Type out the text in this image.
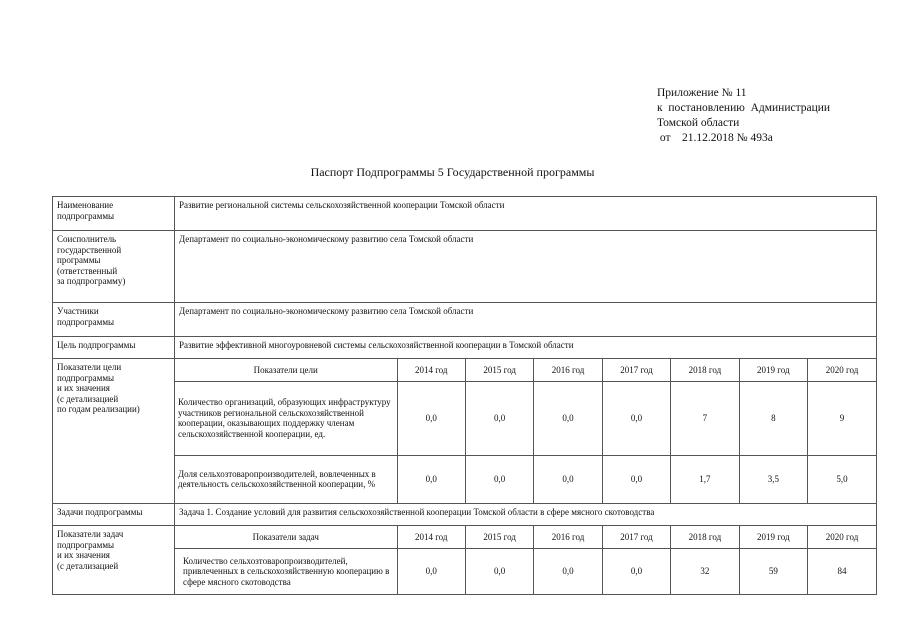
Приложение № 11
к  постановлению  Администрации
Томской области
от    21.12.2018 № 493а
Паспорт Подпрограммы 5 Государственной программы
Наименование
подпрограммы	Развитие региональной системы сельскохозяйственной кооперации Томской области
Соисполнитель
государственной
программы
(ответственный
за подпрограмму)	Департамент по социально-экономическому развитию села Томской области
Участники
подпрограммы	Департамент по социально-экономическому развитию села Томской области
Цель подпрограммы	Развитие эффективной многоуровневой системы сельскохозяйственной кооперации в Томской области
Показатели цели
подпрограммы
и их значения
(с детализацией
по годам реализации)	
Показатели цели	2014 год	2015 год	2016 год	2017 год	2018 год	2019 год	2020 год
Количество организаций, образующих инфраструктуру участников региональной сельскохозяйственной кооперации, оказывающих поддержку членам сельскохозяйственной кооперации, ед.	0,0	0,0	0,0	0,0	7	8	9
Доля сельхозтоваропроизводителей, вовлеченных в деятельность сельскохозяйственной кооперации, %	0,0	0,0	0,0	0,0	1,7	3,5	5,0

Задачи подпрограммы	Задача 1. Создание условий для развития сельскохозяйственной кооперации Томской области в сфере мясного скотоводства
Показатели задач
подпрограммы
и их значения
(с детализацией	
Показатели задач	2014 год	2015 год	2016 год	2017 год	2018 год	2019 год	2020 год
Количество сельхозтоваропроизводителей, привлеченных в сельскохозяйственную кооперацию в сфере мясного скотоводства	0,0	0,0	0,0	0,0	32	59	84
